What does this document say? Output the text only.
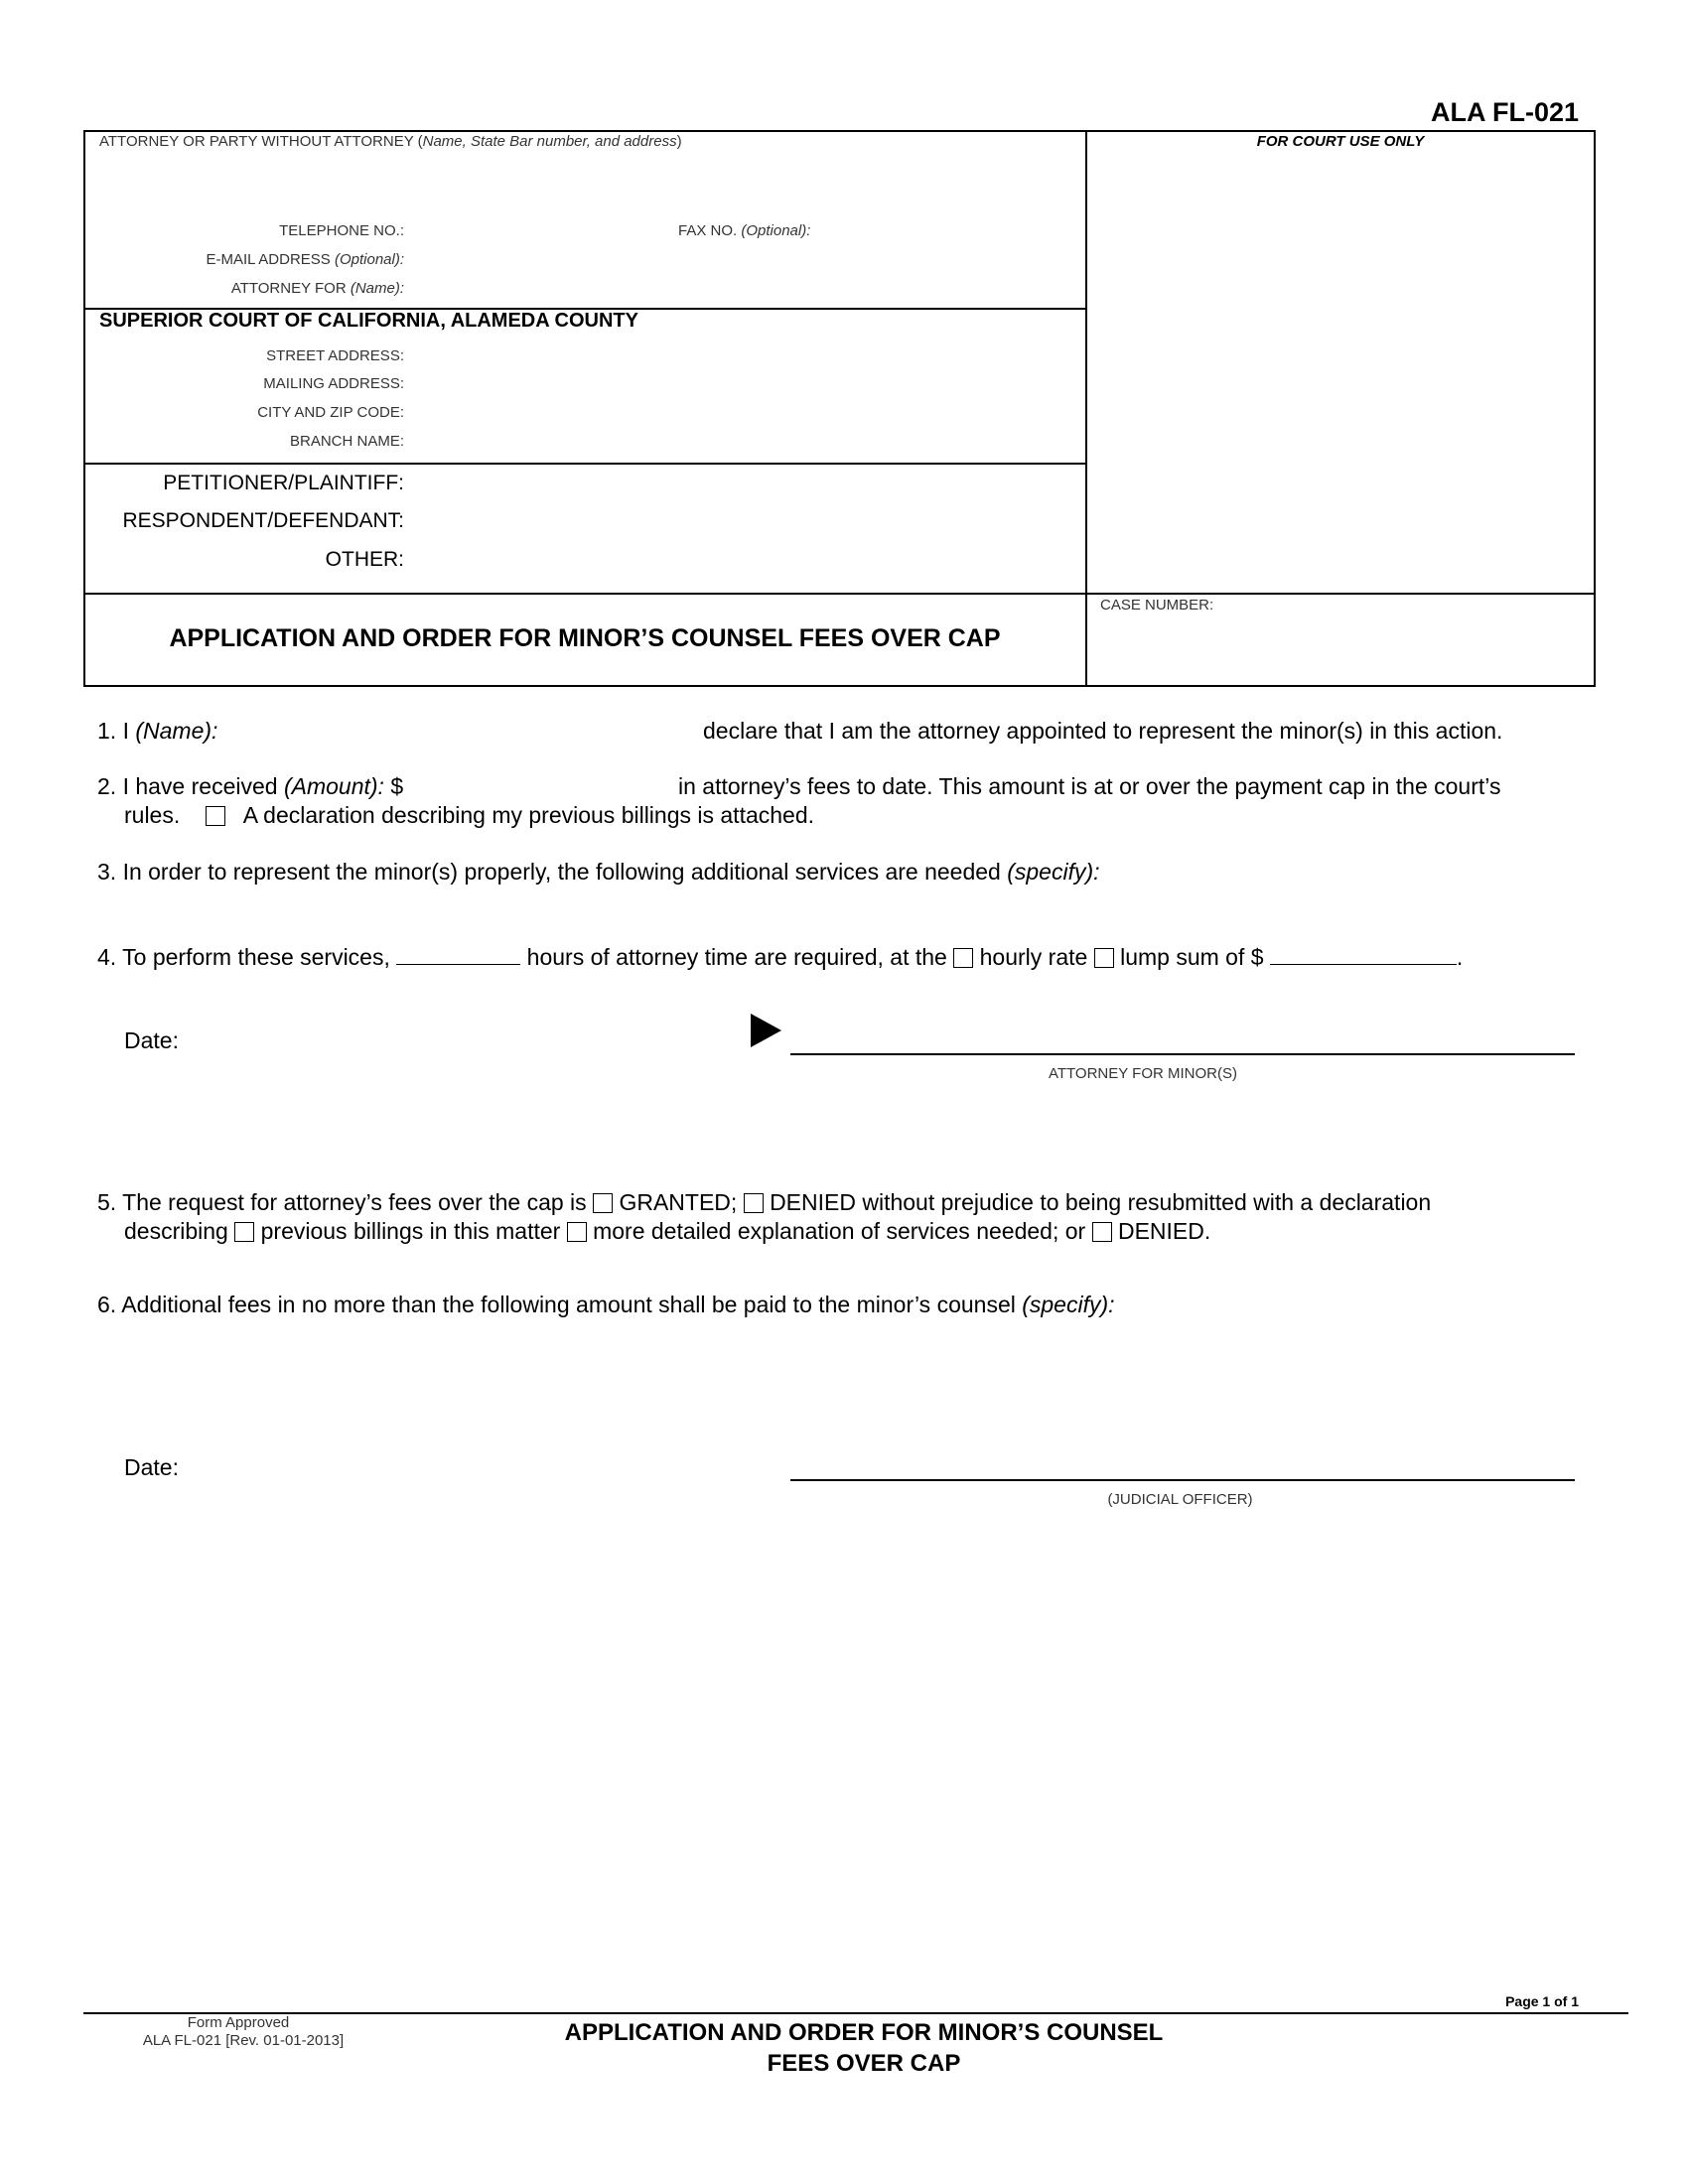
ALA FL-021
ATTORNEY OR PARTY WITHOUT ATTORNEY (Name, State Bar number, and address)	FOR COURT USE ONLY
TELEPHONE NO.:	FAX NO. (Optional):
E-MAIL ADDRESS (Optional):
ATTORNEY FOR (Name):
SUPERIOR COURT OF CALIFORNIA, ALAMEDA COUNTY
STREET ADDRESS:
MAILING ADDRESS:
CITY AND ZIP CODE:
BRANCH NAME:
PETITIONER/PLAINTIFF:
RESPONDENT/DEFENDANT:
OTHER:
APPLICATION AND ORDER FOR MINOR’S COUNSEL FEES OVER CAP
CASE NUMBER:
1. I (Name):	declare that I am the attorney appointed to represent the minor(s) in this action.
2. I have received (Amount): $	in attorney’s fees to date. This amount is at or over the payment cap in the court’s
rules.	A declaration describing my previous billings is attached.
3. In order to represent the minor(s) properly, the following additional services are needed (specify):
4. To perform these services,	hours of attorney time are required, at the hourly rate lump sum of $	.
Date:
ATTORNEY FOR MINOR(S)
5. The request for attorney’s fees over the cap is GRANTED; DENIED without prejudice to being resubmitted with a declaration
describing previous billings in this matter more detailed explanation of services needed; or DENIED.
6. Additional fees in no more than the following amount shall be paid to the minor’s counsel (specify):
Date:
(JUDICIAL OFFICER)
Page 1 of 1
Form Approved
ALA FL-021 [Rev. 01-01-2013]	APPLICATION AND ORDER FOR MINOR’S COUNSEL
FEES OVER CAP
